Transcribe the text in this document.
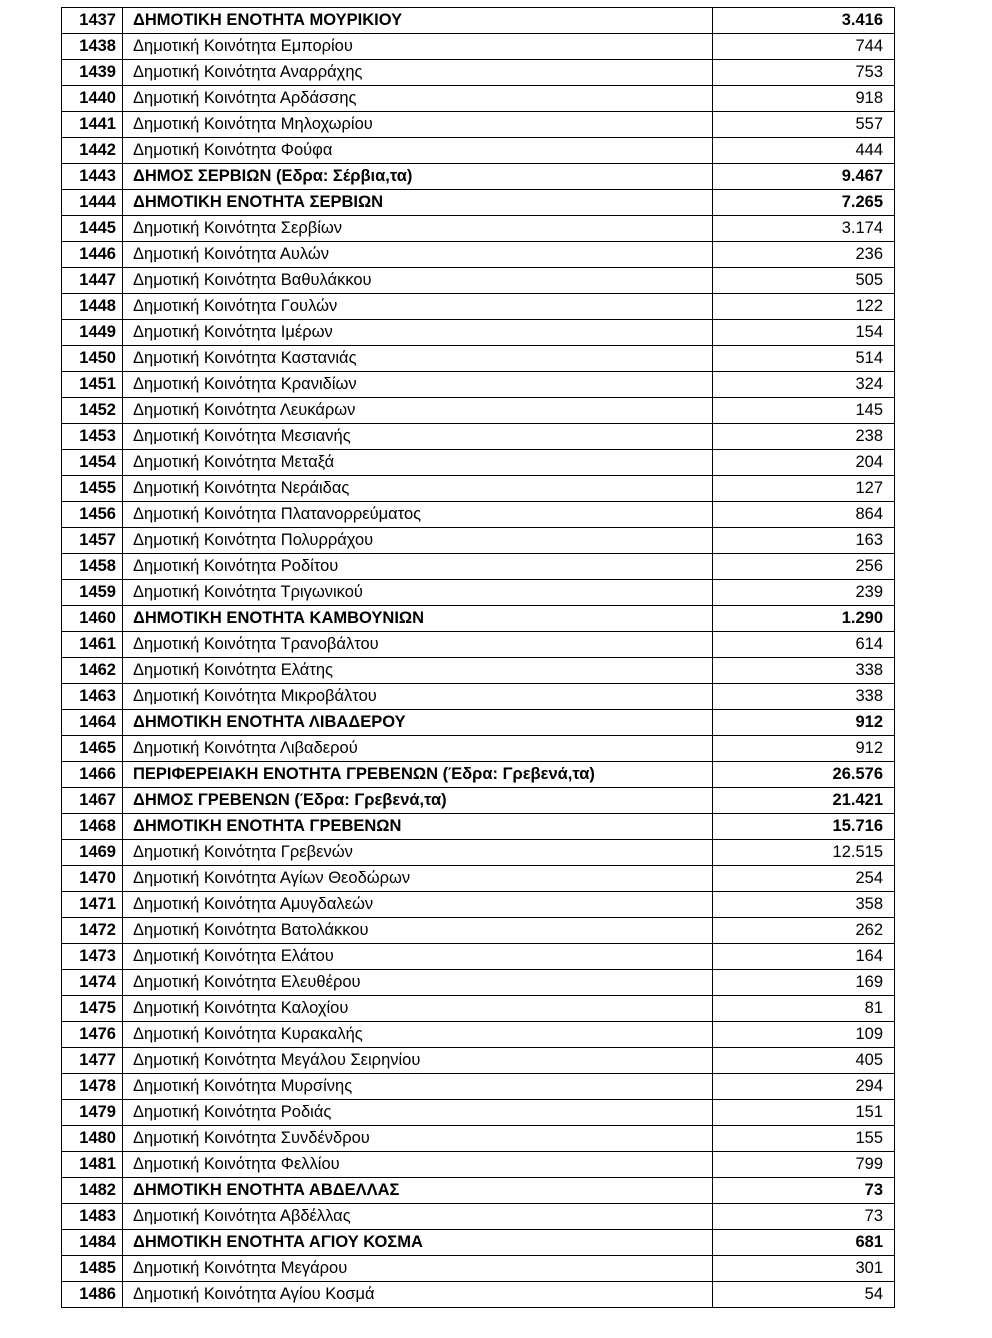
1437	ΔΗΜΟΤΙΚΗ ΕΝΟΤΗΤΑ ΜΟΥΡΙΚΙΟΥ	3.416
1438	Δημοτική Κοινότητα Εμπορίου	744
1439	Δημοτική Κοινότητα Αναρράχης	753
1440	Δημοτική Κοινότητα Αρδάσσης	918
1441	Δημοτική Κοινότητα Μηλοχωρίου	557
1442	Δημοτική Κοινότητα Φούφα	444
1443	ΔΗΜΟΣ ΣΕΡΒΙΩΝ (Εδρα: Σέρβια,τα)	9.467
1444	ΔΗΜΟΤΙΚΗ ΕΝΟΤΗΤΑ ΣΕΡΒΙΩΝ	7.265
1445	Δημοτική Κοινότητα Σερβίων	3.174
1446	Δημοτική Κοινότητα Αυλών	236
1447	Δημοτική Κοινότητα Βαθυλάκκου	505
1448	Δημοτική Κοινότητα Γουλών	122
1449	Δημοτική Κοινότητα Ιμέρων	154
1450	Δημοτική Κοινότητα Καστανιάς	514
1451	Δημοτική Κοινότητα Κρανιδίων	324
1452	Δημοτική Κοινότητα Λευκάρων	145
1453	Δημοτική Κοινότητα Μεσιανής	238
1454	Δημοτική Κοινότητα Μεταξά	204
1455	Δημοτική Κοινότητα Νεράιδας	127
1456	Δημοτική Κοινότητα Πλατανορρεύματος	864
1457	Δημοτική Κοινότητα Πολυρράχου	163
1458	Δημοτική Κοινότητα Ροδίτου	256
1459	Δημοτική Κοινότητα Τριγωνικού	239
1460	ΔΗΜΟΤΙΚΗ ΕΝΟΤΗΤΑ ΚΑΜΒΟΥΝΙΩΝ	1.290
1461	Δημοτική Κοινότητα Τρανοβάλτου	614
1462	Δημοτική Κοινότητα Ελάτης	338
1463	Δημοτική Κοινότητα Μικροβάλτου	338
1464	ΔΗΜΟΤΙΚΗ ΕΝΟΤΗΤΑ ΛΙΒΑΔΕΡΟΥ	912
1465	Δημοτική Κοινότητα Λιβαδερού	912
1466	ΠΕΡΙΦΕΡΕΙΑΚΗ ΕΝΟΤΗΤΑ ΓΡΕΒΕΝΩΝ (Έδρα: Γρεβενά,τα)	26.576
1467	ΔΗΜΟΣ ΓΡΕΒΕΝΩΝ (Έδρα: Γρεβενά,τα)	21.421
1468	ΔΗΜΟΤΙΚΗ ΕΝΟΤΗΤΑ ΓΡΕΒΕΝΩΝ	15.716
1469	Δημοτική Κοινότητα Γρεβενών	12.515
1470	Δημοτική Κοινότητα Αγίων Θεοδώρων	254
1471	Δημοτική Κοινότητα Αμυγδαλεών	358
1472	Δημοτική Κοινότητα Βατολάκκου	262
1473	Δημοτική Κοινότητα Ελάτου	164
1474	Δημοτική Κοινότητα Ελευθέρου	169
1475	Δημοτική Κοινότητα Καλοχίου	81
1476	Δημοτική Κοινότητα Κυρακαλής	109
1477	Δημοτική Κοινότητα Μεγάλου Σειρηνίου	405
1478	Δημοτική Κοινότητα Μυρσίνης	294
1479	Δημοτική Κοινότητα Ροδιάς	151
1480	Δημοτική Κοινότητα Συνδένδρου	155
1481	Δημοτική Κοινότητα Φελλίου	799
1482	ΔΗΜΟΤΙΚΗ ΕΝΟΤΗΤΑ ΑΒΔΕΛΛΑΣ	73
1483	Δημοτική Κοινότητα Αβδέλλας	73
1484	ΔΗΜΟΤΙΚΗ ΕΝΟΤΗΤΑ ΑΓΙΟΥ ΚΟΣΜΑ	681
1485	Δημοτική Κοινότητα Μεγάρου	301
1486	Δημοτική Κοινότητα Αγίου Κοσμά	54
